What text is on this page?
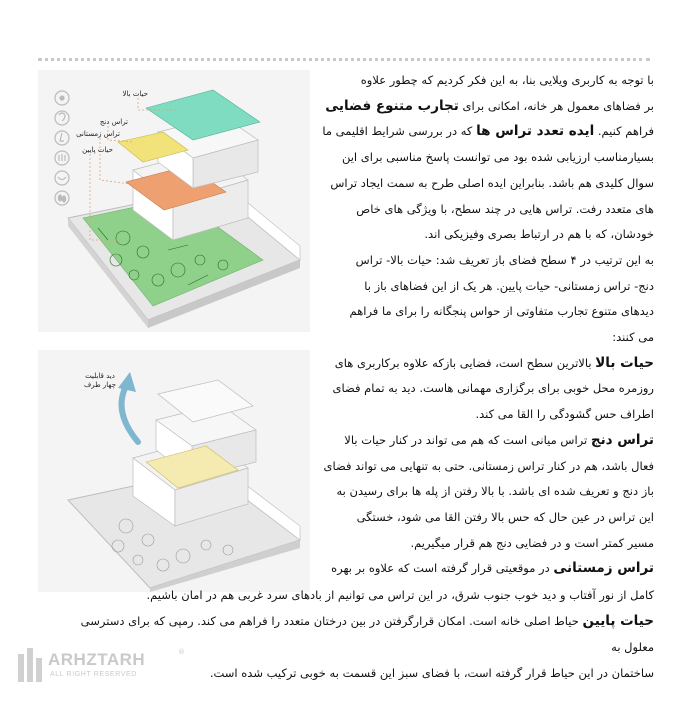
حیات بالا
تراس دنج
تراس زمستانی
حیات پایین
دید قابلیت
چهار طرف

با توجه به کاربری ویلایی بنا، به این فکر کردیم که چطور علاوه

بر فضاهای معمول هر خانه، امکانی برای تجارب متنوع فضایی

فراهم کنیم. ایده تعدد تراس ها که در بررسی شرایط اقلیمی ما

بسیارمناسب ارزیابی شده بود می توانست پاسخ مناسبی برای این

سوال کلیدی هم باشد. بنابراین ایده اصلی طرح به سمت ایجاد تراس

های متعدد رفت. تراس هایی در چند سطح، با ویژگی های خاص

خودشان، که با هم در ارتباط بصری وفیزیکی اند.

به این ترتیب در ۴ سطح فضای باز تعریف شد: حیات بالا- تراس

دنج- تراس زمستانی- حیات پایین. هر یک از این فضاهای باز با

دیدهای متنوع تجارب متفاوتی از حواس پنجگانه را برای ما فراهم

می کنند:

حیات بالا بالاترین سطح است، فضایی بازکه علاوه برکاربری های

روزمره محل خوبی برای برگزاری مهمانی هاست. دید به تمام فضای

اطراف حس گشودگی را القا می کند.

تراس دنج تراس میانی است که هم می تواند در کنار حیات بالا

فعال باشد، هم در کنار تراس زمستانی. حتی به تنهایی می تواند فضای

باز دنج و تعریف شده ای باشد. با بالا رفتن از پله ها برای رسیدن به

این تراس در عین حال که حس بالا رفتن القا می شود، خستگی

مسیر کمتر است و در فضایی دنج هم قرار میگیریم.

تراس زمستانی در موقعیتی قرار گرفته است که علاوه بر بهره

کامل از نور آفتاب و دید خوب جنوب شرق، در این تراس می توانیم از بادهای سرد غربی هم در امان باشیم.

حیات پایین حیاط اصلی خانه است. امکان قرارگرفتن در بین درختان متعدد را فراهم می کند. رمپی که برای دسترسی معلول به

ساختمان در این حیاط قرار گرفته است، با فضای سبز این قسمت به خوبی ترکیب شده است.

ARHZTARH
ALL RIGHT RESERVED
®
